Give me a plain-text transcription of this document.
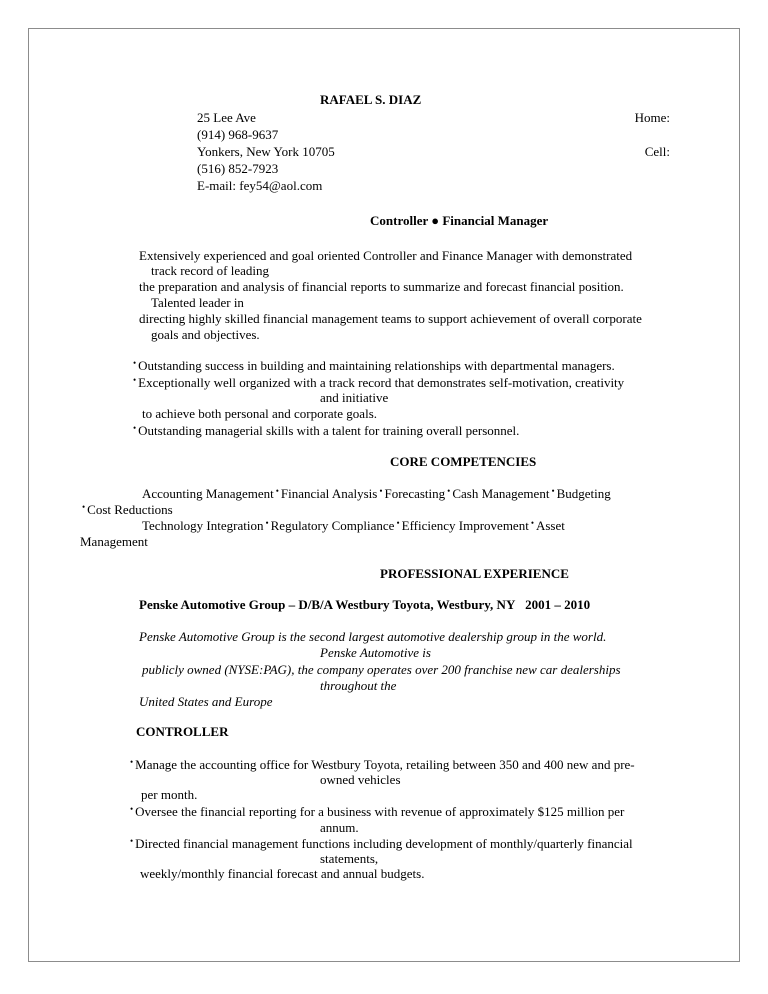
RAFAEL S. DIAZ
25 Lee Ave	Home:
(914) 968-9637
Yonkers, New York 10705	Cell:
(516) 852-7923
E-mail: fey54@aol.com
Controller ● Financial Manager
Extensively experienced and goal oriented Controller and Finance Manager with demonstrated
track record of leading
the preparation and analysis of financial reports to summarize and forecast financial position.
Talented leader in
directing highly skilled financial management teams to support achievement of overall corporate
goals and objectives.
• Outstanding success in building and maintaining relationships with departmental managers.
• Exceptionally well organized with a track record that demonstrates self-motivation, creativity
and initiative
to achieve both personal and corporate goals.
• Outstanding managerial skills with a talent for training overall personnel.
CORE COMPETENCIES
Accounting Management • Financial Analysis • Forecasting • Cash Management • Budgeting
• Cost Reductions
Technology Integration • Regulatory Compliance • Efficiency Improvement • Asset
Management
PROFESSIONAL EXPERIENCE
Penske Automotive Group – D/B/A Westbury Toyota, Westbury, NY 2001 – 2010
Penske Automotive Group is the second largest automotive dealership group in the world.
Penske Automotive is
publicly owned (NYSE:PAG), the company operates over 200 franchise new car dealerships
throughout the
United States and Europe
CONTROLLER
• Manage the accounting office for Westbury Toyota, retailing between 350 and 400 new and pre-
owned vehicles
per month.
• Oversee the financial reporting for a business with revenue of approximately $125 million per
annum.
• Directed financial management functions including development of monthly/quarterly financial
statements,
weekly/monthly financial forecast and annual budgets.
